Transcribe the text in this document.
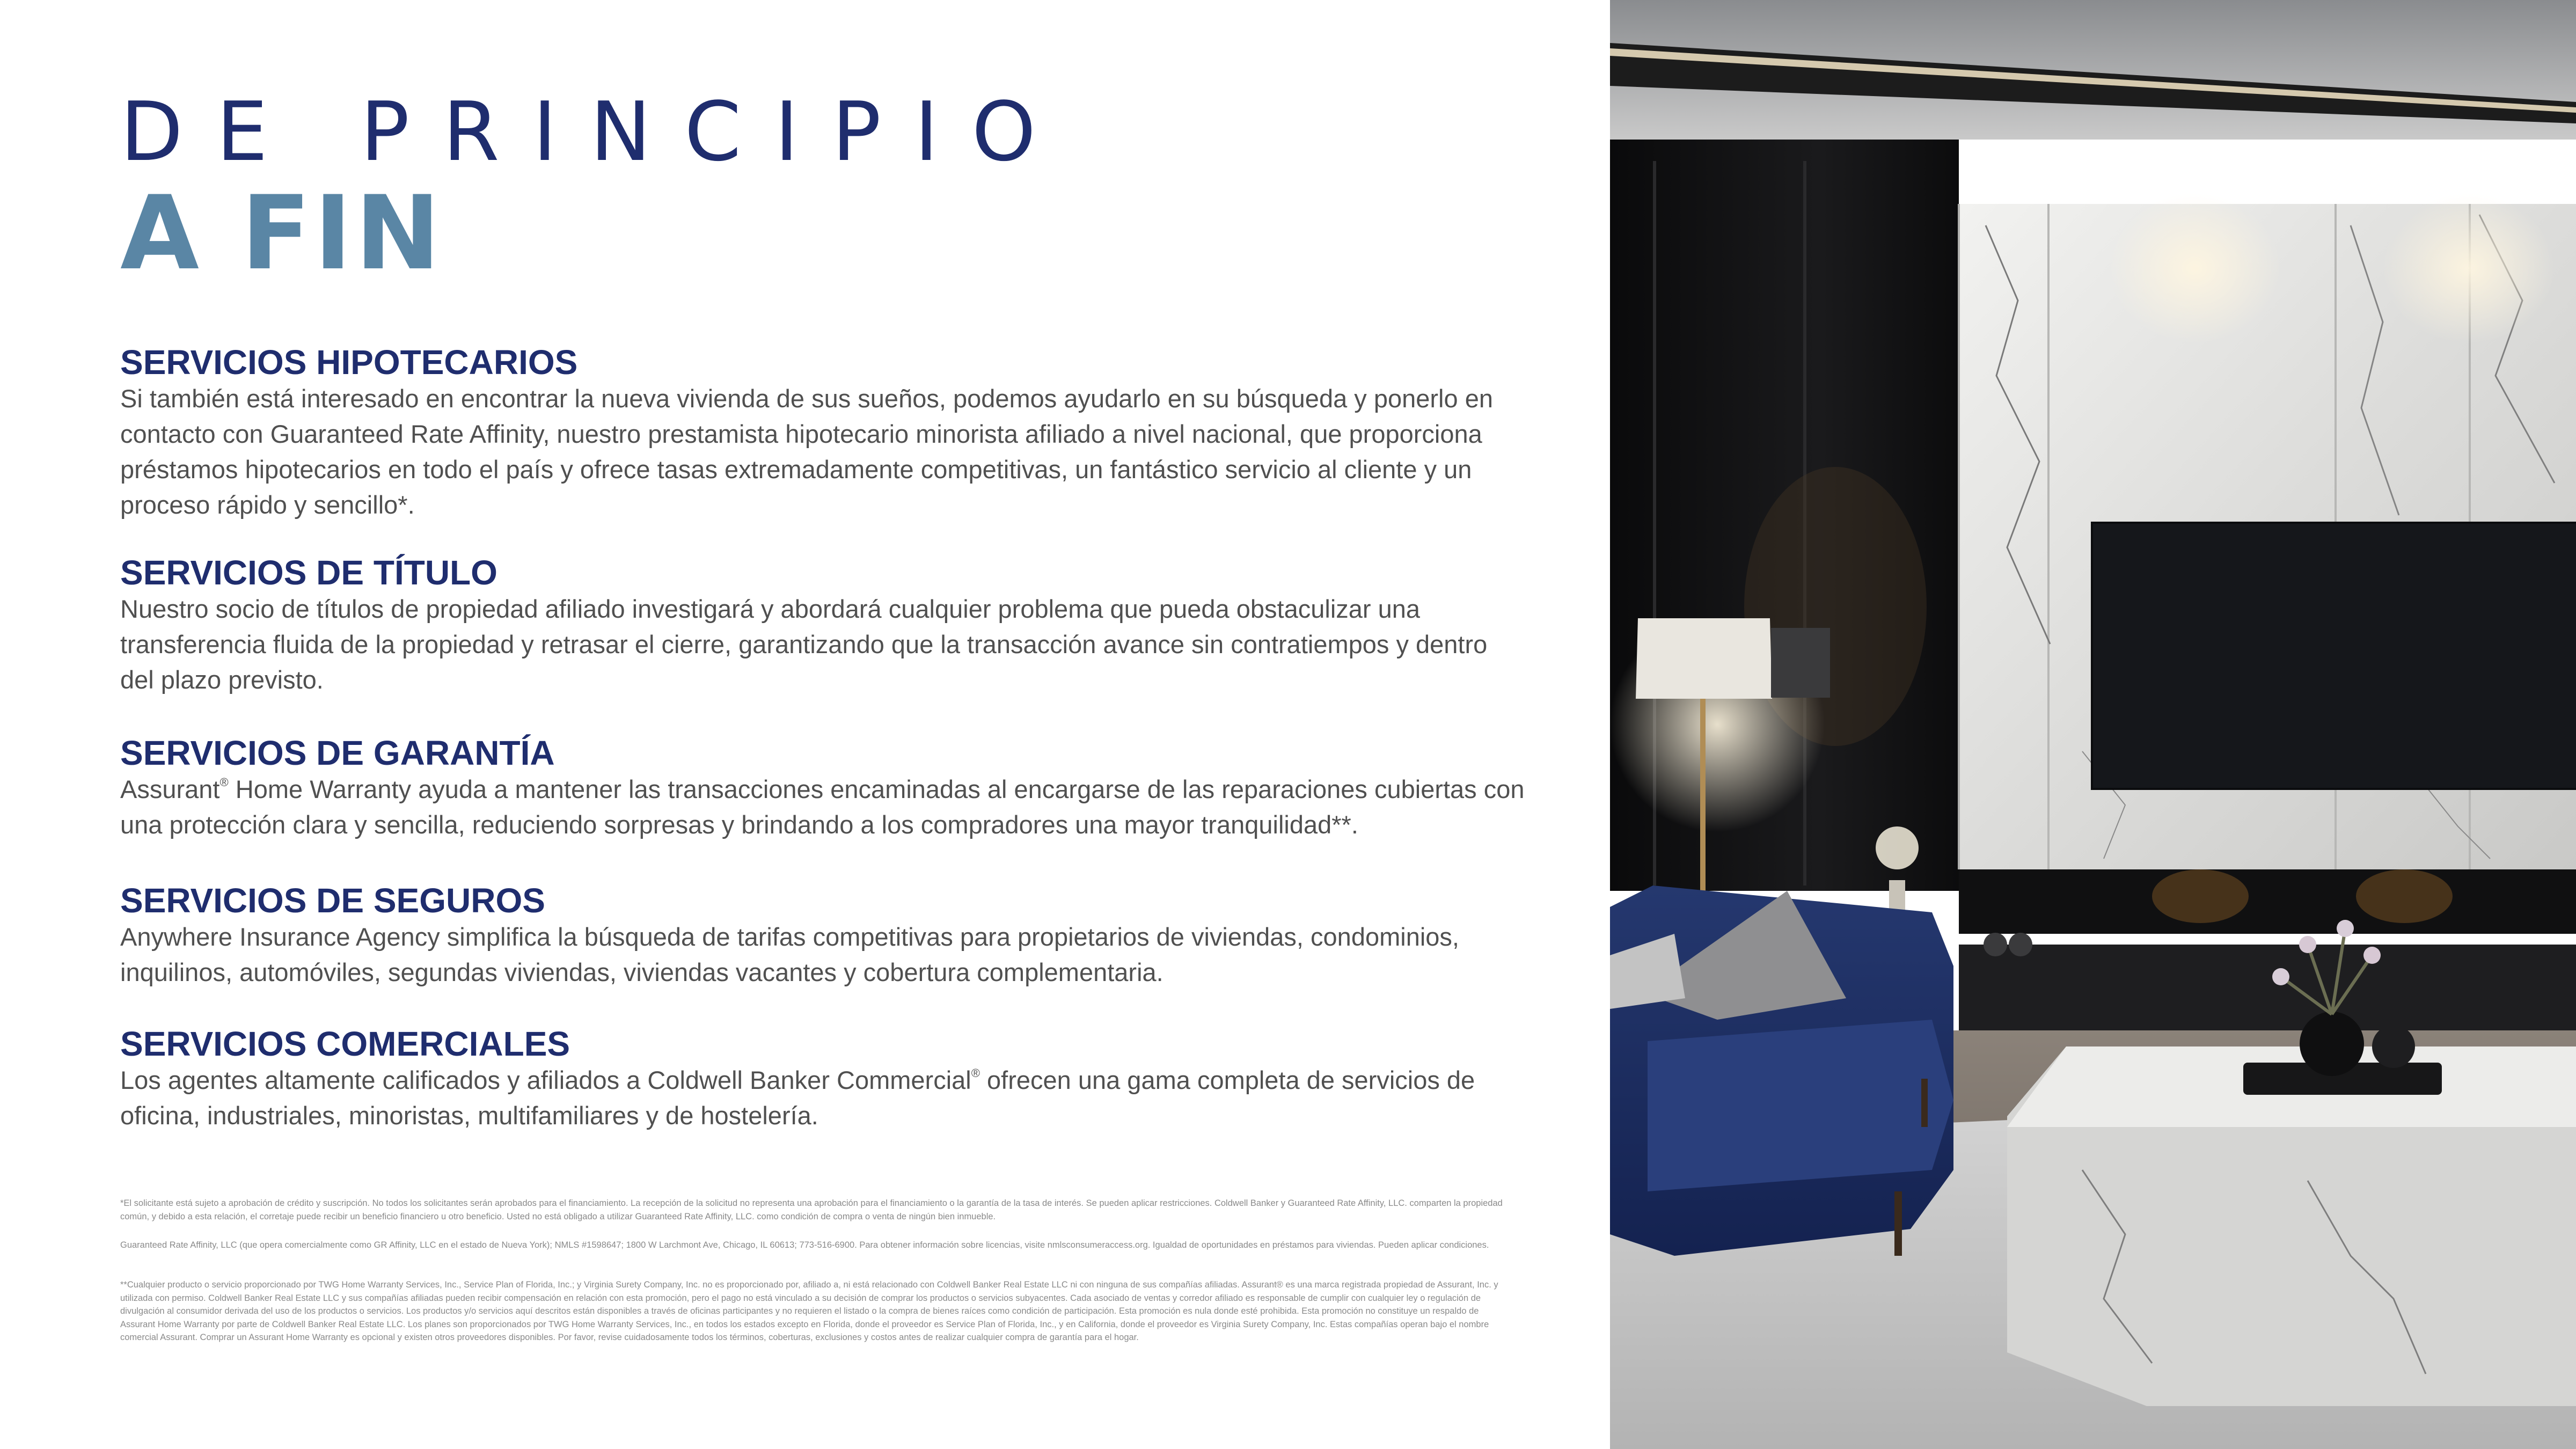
DE PRINCIPIO
A FIN

SERVICIOS HIPOTECARIOS

Si también está interesado en encontrar la nueva vivienda de sus sueños, podemos ayudarlo en su búsqueda y ponerlo en contacto con Guaranteed Rate Affinity, nuestro prestamista hipotecario minorista afiliado a nivel nacional, que proporciona préstamos hipotecarios en todo el país y ofrece tasas extremadamente competitivas, un fantástico servicio al cliente y un proceso rápido y sencillo*.

SERVICIOS DE TÍTULO

Nuestro socio de títulos de propiedad afiliado investigará y abordará cualquier problema que pueda obstaculizar una transferencia fluida de la propiedad y retrasar el cierre, garantizando que la transacción avance sin contratiempos y dentro del plazo previsto.

SERVICIOS DE GARANTÍA

Assurant® Home Warranty ayuda a mantener las transacciones encaminadas al encargarse de las reparaciones cubiertas con una protección clara y sencilla, reduciendo sorpresas y brindando a los compradores una mayor tranquilidad**.

SERVICIOS DE SEGUROS

Anywhere Insurance Agency simplifica la búsqueda de tarifas competitivas para propietarios de viviendas, condominios, inquilinos, automóviles, segundas viviendas, viviendas vacantes y cobertura complementaria.

SERVICIOS COMERCIALES

Los agentes altamente calificados y afiliados a Coldwell Banker Commercial® ofrecen una gama completa de servicios de oficina, industriales, minoristas, multifamiliares y de hostelería.

*El solicitante está sujeto a aprobación de crédito y suscripción. No todos los solicitantes serán aprobados para el financiamiento. La recepción de la solicitud no representa una aprobación para el financiamiento o la garantía de la tasa de interés. Se pueden aplicar restricciones. Coldwell Banker y Guaranteed Rate Affinity, LLC. comparten la propiedad común, y debido a esta relación, el corretaje puede recibir un beneficio financiero u otro beneficio. Usted no está obligado a utilizar Guaranteed Rate Affinity, LLC. como condición de compra o venta de ningún bien inmueble.

Guaranteed Rate Affinity, LLC (que opera comercialmente como GR Affinity, LLC en el estado de Nueva York); NMLS #1598647; 1800 W Larchmont Ave, Chicago, IL 60613; 773-516-6900. Para obtener información sobre licencias, visite nmlsconsumeraccess.org. Igualdad de oportunidades en préstamos para viviendas. Pueden aplicar condiciones.

**Cualquier producto o servicio proporcionado por TWG Home Warranty Services, Inc., Service Plan of Florida, Inc.; y Virginia Surety Company, Inc. no es proporcionado por, afiliado a, ni está relacionado con Coldwell Banker Real Estate LLC ni con ninguna de sus compañías afiliadas. Assurant® es una marca registrada propiedad de Assurant, Inc. y utilizada con permiso. Coldwell Banker Real Estate LLC y sus compañías afiliadas pueden recibir compensación en relación con esta promoción, pero el pago no está vinculado a su decisión de comprar los productos o servicios subyacentes. Cada asociado de ventas y corredor afiliado es responsable de cumplir con cualquier ley o regulación de divulgación al consumidor derivada del uso de los productos o servicios. Los productos y/o servicios aquí descritos están disponibles a través de oficinas participantes y no requieren el listado o la compra de bienes raíces como condición de participación. Esta promoción es nula donde esté prohibida. Esta promoción no constituye un respaldo de Assurant Home Warranty por parte de Coldwell Banker Real Estate LLC. Los planes son proporcionados por TWG Home Warranty Services, Inc., en todos los estados excepto en Florida, donde el proveedor es Service Plan of Florida, Inc., y en California, donde el proveedor es Virginia Surety Company, Inc. Estas compañías operan bajo el nombre comercial Assurant. Comprar un Assurant Home Warranty es opcional y existen otros proveedores disponibles. Por favor, revise cuidadosamente todos los términos, coberturas, exclusiones y costos antes de realizar cualquier compra de garantía para el hogar.
